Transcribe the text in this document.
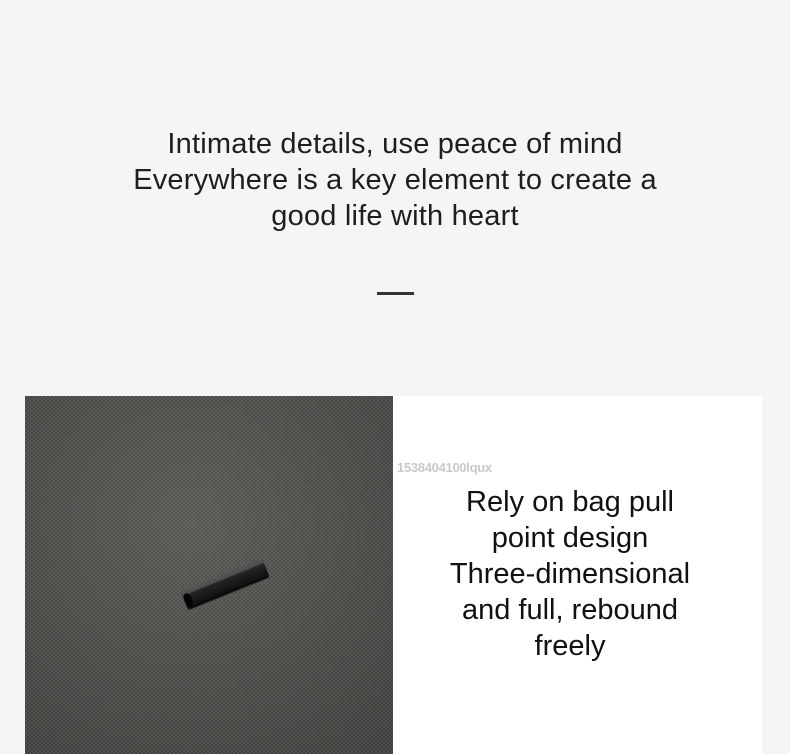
Intimate details, use peace of mind
Everywhere is a key element to create a
good life with heart
1538404100lqux
Rely on bag pull
point design
Three-dimensional
and full, rebound
freely
